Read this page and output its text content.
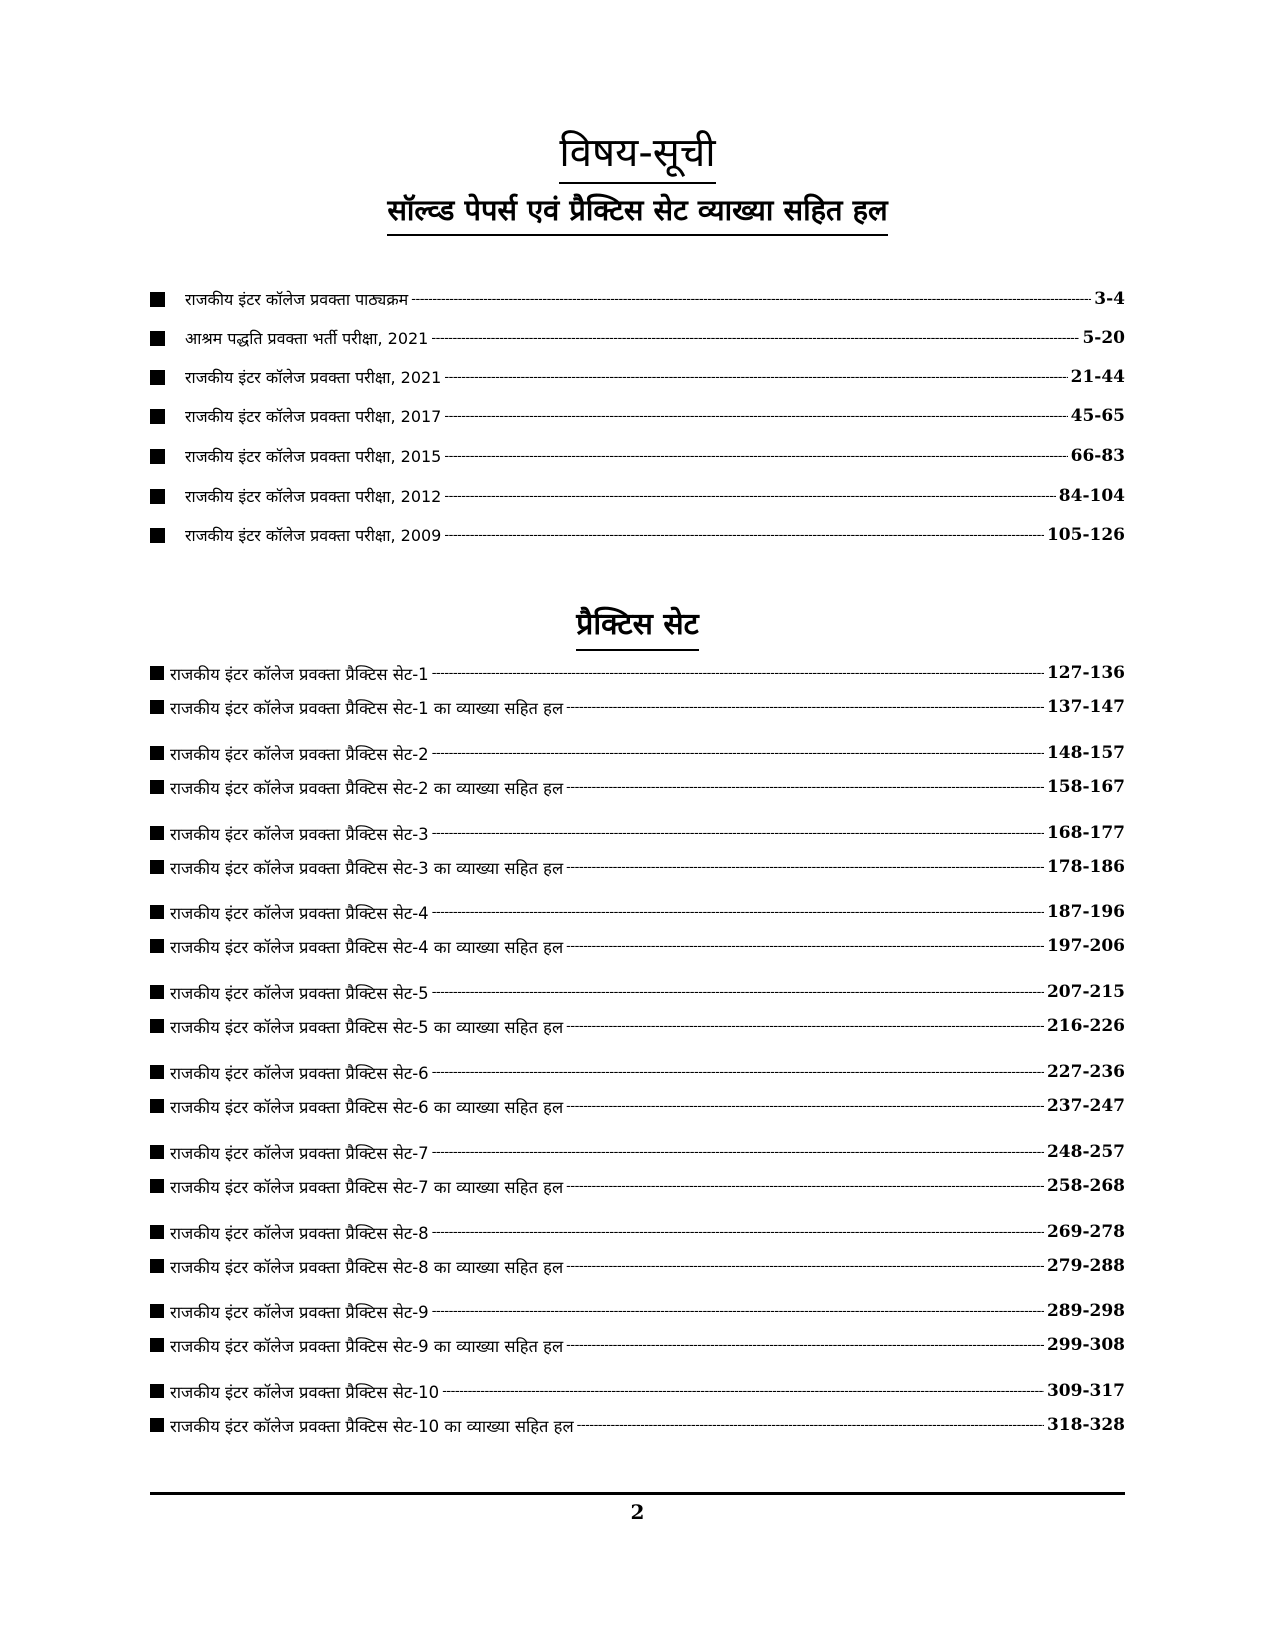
विषय-सूची
सॉल्व्ड पेपर्स एवं प्रैक्टिस सेट व्याख्या सहित हल
राजकीय इंटर कॉलेज प्रवक्ता पाठ्यक्रम -----	3-4
आश्रम पद्धति प्रवक्ता भर्ती परीक्षा, 2021 -----	5-20
राजकीय इंटर कॉलेज प्रवक्ता परीक्षा, 2021 -----	21-44
राजकीय इंटर कॉलेज प्रवक्ता परीक्षा, 2017 -----	45-65
राजकीय इंटर कॉलेज प्रवक्ता परीक्षा, 2015 -----	66-83
राजकीय इंटर कॉलेज प्रवक्ता परीक्षा, 2012 -----	84-104
राजकीय इंटर कॉलेज प्रवक्ता परीक्षा, 2009 -----	105-126
प्रैक्टिस सेट
राजकीय इंटर कॉलेज प्रवक्ता प्रैक्टिस सेट-1 -----	127-136
राजकीय इंटर कॉलेज प्रवक्ता प्रैक्टिस सेट-1 का व्याख्या सहित हल -----	137-147
राजकीय इंटर कॉलेज प्रवक्ता प्रैक्टिस सेट-2 -----	148-157
राजकीय इंटर कॉलेज प्रवक्ता प्रैक्टिस सेट-2 का व्याख्या सहित हल -----	158-167
राजकीय इंटर कॉलेज प्रवक्ता प्रैक्टिस सेट-3 -----	168-177
राजकीय इंटर कॉलेज प्रवक्ता प्रैक्टिस सेट-3 का व्याख्या सहित हल -----	178-186
राजकीय इंटर कॉलेज प्रवक्ता प्रैक्टिस सेट-4 -----	187-196
राजकीय इंटर कॉलेज प्रवक्ता प्रैक्टिस सेट-4 का व्याख्या सहित हल -----	197-206
राजकीय इंटर कॉलेज प्रवक्ता प्रैक्टिस सेट-5 -----	207-215
राजकीय इंटर कॉलेज प्रवक्ता प्रैक्टिस सेट-5 का व्याख्या सहित हल -----	216-226
राजकीय इंटर कॉलेज प्रवक्ता प्रैक्टिस सेट-6 -----	227-236
राजकीय इंटर कॉलेज प्रवक्ता प्रैक्टिस सेट-6 का व्याख्या सहित हल -----	237-247
राजकीय इंटर कॉलेज प्रवक्ता प्रैक्टिस सेट-7 -----	248-257
राजकीय इंटर कॉलेज प्रवक्ता प्रैक्टिस सेट-7 का व्याख्या सहित हल -----	258-268
राजकीय इंटर कॉलेज प्रवक्ता प्रैक्टिस सेट-8 -----	269-278
राजकीय इंटर कॉलेज प्रवक्ता प्रैक्टिस सेट-8 का व्याख्या सहित हल -----	279-288
राजकीय इंटर कॉलेज प्रवक्ता प्रैक्टिस सेट-9 -----	289-298
राजकीय इंटर कॉलेज प्रवक्ता प्रैक्टिस सेट-9 का व्याख्या सहित हल -----	299-308
राजकीय इंटर कॉलेज प्रवक्ता प्रैक्टिस सेट-10 -----	309-317
राजकीय इंटर कॉलेज प्रवक्ता प्रैक्टिस सेट-10 का व्याख्या सहित हल -----	318-328
2
